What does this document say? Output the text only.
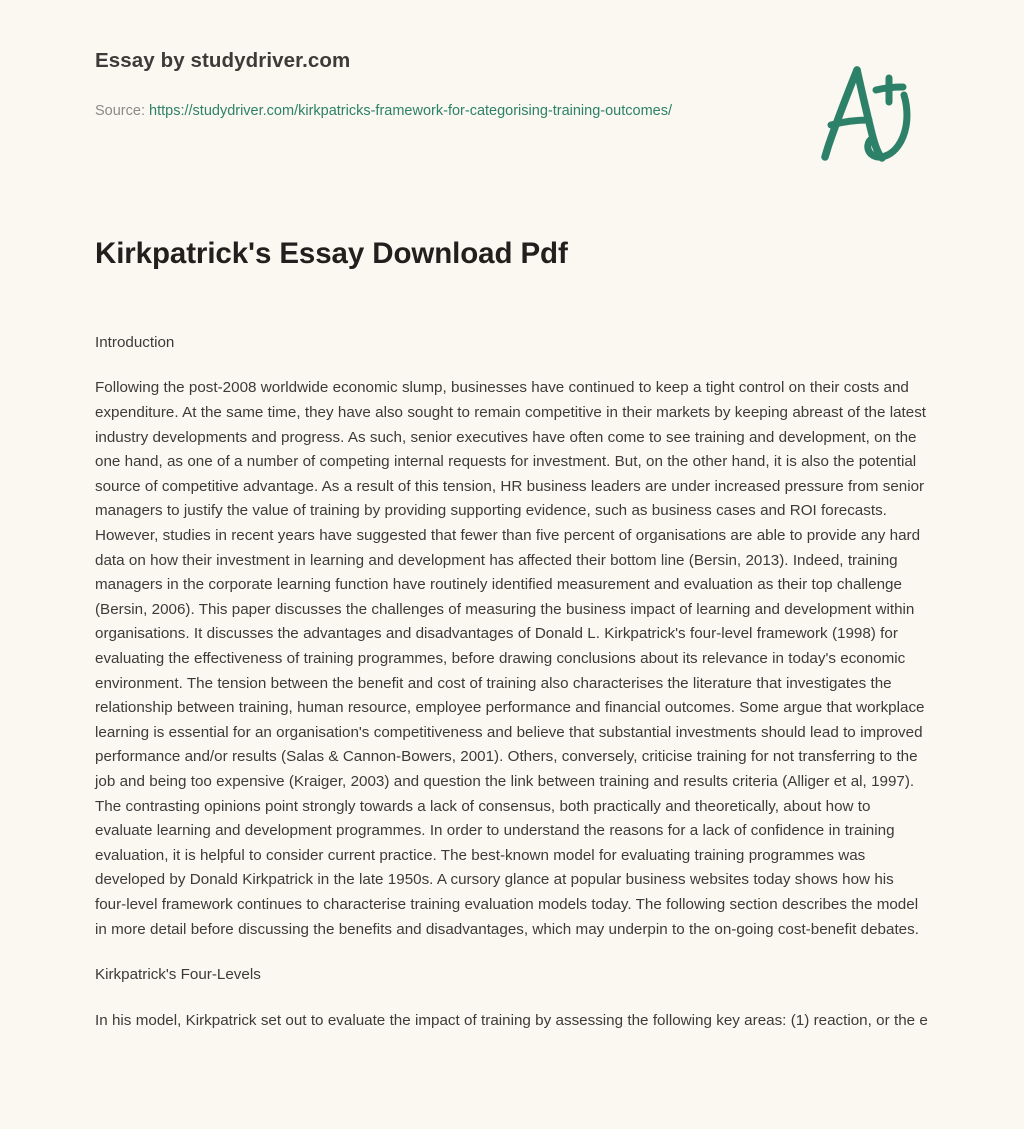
Essay by studydriver.com
Source: https://studydriver.com/kirkpatricks-framework-for-categorising-training-outcomes/
Kirkpatrick's Essay Download Pdf
Introduction

Following the post-2008 worldwide economic slump, businesses have continued to keep a tight control on their costs and expenditure. At the same time, they have also sought to remain competitive in their markets by keeping abreast of the latest industry developments and progress. As such, senior executives have often come to see training and development, on the one hand, as one of a number of competing internal requests for investment. But, on the other hand, it is also the potential source of competitive advantage. As a result of this tension, HR business leaders are under increased pressure from senior managers to justify the value of training by providing supporting evidence, such as business cases and ROI forecasts. However, studies in recent years have suggested that fewer than five percent of organisations are able to provide any hard data on how their investment in learning and development has affected their bottom line (Bersin, 2013). Indeed, training managers in the corporate learning function have routinely identified measurement and evaluation as their top challenge (Bersin, 2006). This paper discusses the challenges of measuring the business impact of learning and development within organisations. It discusses the advantages and disadvantages of Donald L. Kirkpatrick's four-level framework (1998) for evaluating the effectiveness of training programmes, before drawing conclusions about its relevance in today's economic environment. The tension between the benefit and cost of training also characterises the literature that investigates the relationship between training, human resource, employee performance and financial outcomes. Some argue that workplace learning is essential for an organisation's competitiveness and believe that substantial investments should lead to improved performance and/or results (Salas & Cannon-Bowers, 2001). Others, conversely, criticise training for not transferring to the job and being too expensive (Kraiger, 2003) and question the link between training and results criteria (Alliger et al, 1997). The contrasting opinions point strongly towards a lack of consensus, both practically and theoretically, about how to evaluate learning and development programmes. In order to understand the reasons for a lack of confidence in training evaluation, it is helpful to consider current practice. The best-known model for evaluating training programmes was developed by Donald Kirkpatrick in the late 1950s. A cursory glance at popular business websites today shows how his four-level framework continues to characterise training evaluation models today. The following section describes the model in more detail before discussing the benefits and disadvantages, which may underpin to the on-going cost-benefit debates.

Kirkpatrick's Four-Levels

In his model, Kirkpatrick set out to evaluate the impact of training by assessing the following key areas: (1) reaction, or the e
